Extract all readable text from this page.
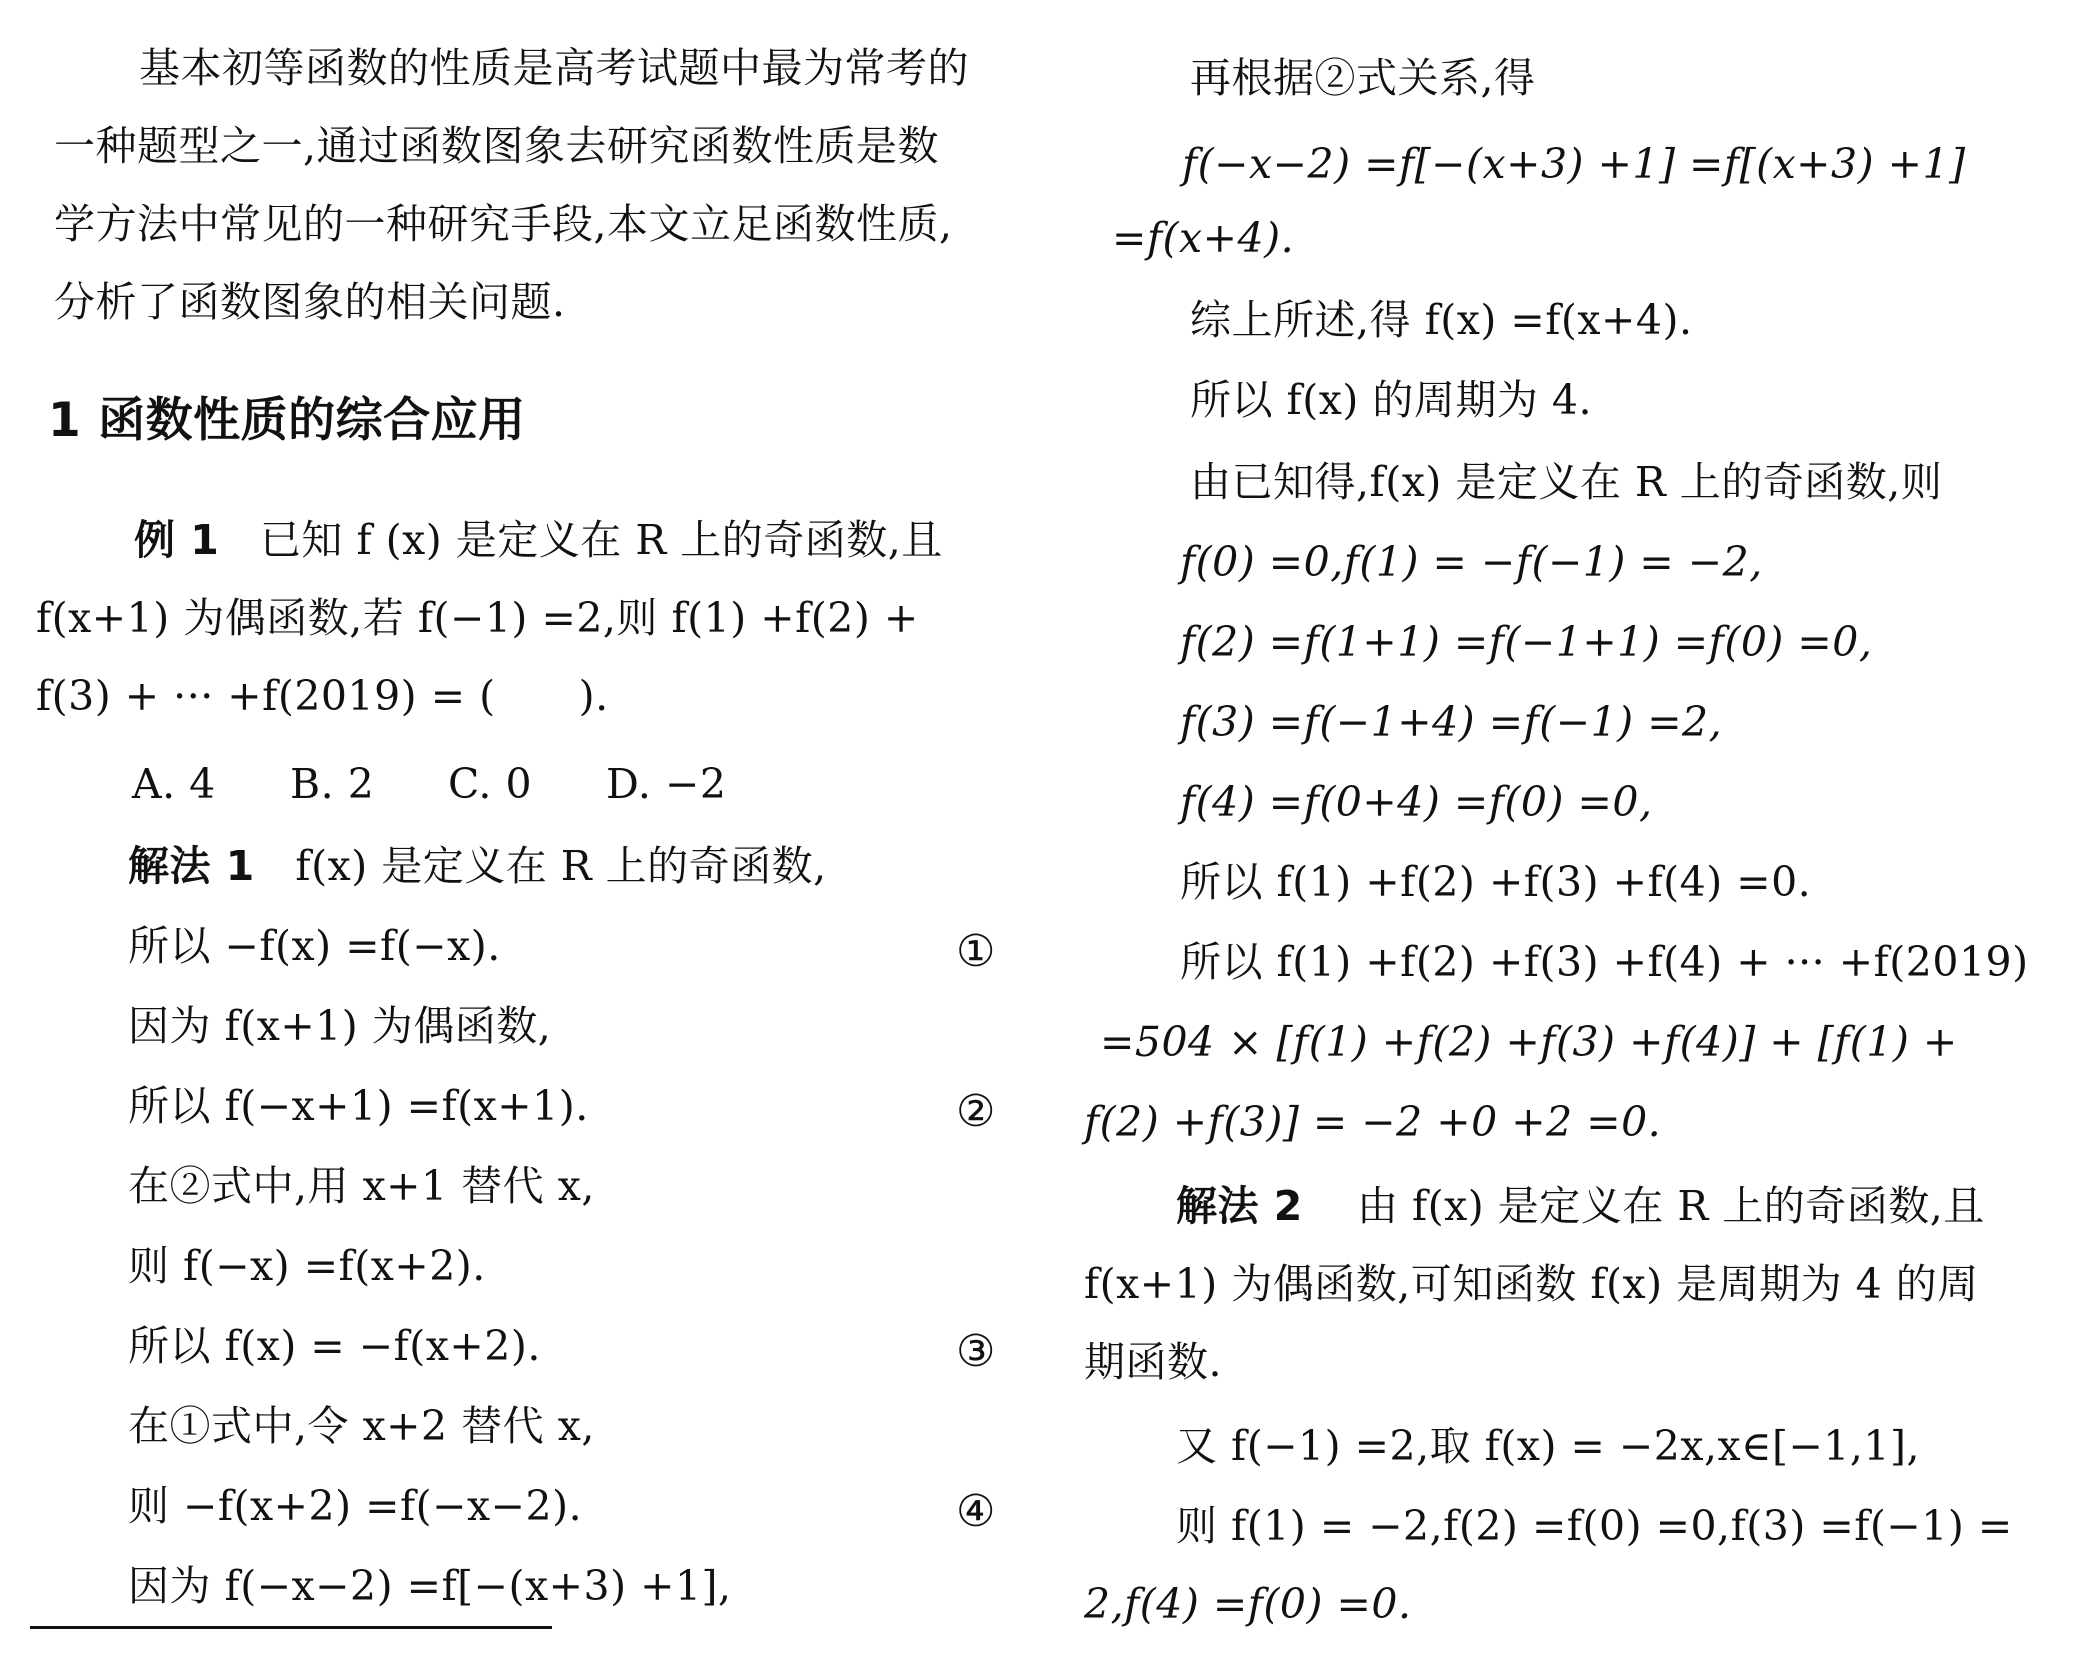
基本初等函数的性质是高考试题中最为常考的
一种题型之一,通过函数图象去研究函数性质是数
学方法中常见的一种研究手段,本文立足函数性质,
分析了函数图象的相关问题.
1 函数性质的综合应用
例 1 已知 f (x) 是定义在 R 上的奇函数,且
f(x+1) 为偶函数,若 f(−1) =2,则 f(1) +f(2) +
f(3) + ··· +f(2019) = (　　).
A. 4 B. 2 C. 0 D. −2
解法 1 f(x) 是定义在 R 上的奇函数,
所以 −f(x) =f(−x).
因为 f(x+1) 为偶函数,
所以 f(−x+1) =f(x+1).
在②式中,用 x+1 替代 x,
则 f(−x) =f(x+2).
所以 f(x) = −f(x+2).
在①式中,令 x+2 替代 x,
则 −f(x+2) =f(−x−2).
因为 f(−x−2) =f[−(x+3) +1],
①
②
③
④
再根据②式关系,得
f(−x−2) =f[−(x+3) +1] =f[(x+3) +1]
=f(x+4).
综上所述,得 f(x) =f(x+4).
所以 f(x) 的周期为 4.
由已知得,f(x) 是定义在 R 上的奇函数,则
f(0) =0,f(1) = −f(−1) = −2,
f(2) =f(1+1) =f(−1+1) =f(0) =0,
f(3) =f(−1+4) =f(−1) =2,
f(4) =f(0+4) =f(0) =0,
所以 f(1) +f(2) +f(3) +f(4) =0.
所以 f(1) +f(2) +f(3) +f(4) + ··· +f(2019)
=504 × [f(1) +f(2) +f(3) +f(4)] + [f(1) +
f(2) +f(3)] = −2 +0 +2 =0.
解法 2 由 f(x) 是定义在 R 上的奇函数,且
f(x+1) 为偶函数,可知函数 f(x) 是周期为 4 的周
期函数.
又 f(−1) =2,取 f(x) = −2x,x∈[−1,1],
则 f(1) = −2,f(2) =f(0) =0,f(3) =f(−1) =
2,f(4) =f(0) =0.
